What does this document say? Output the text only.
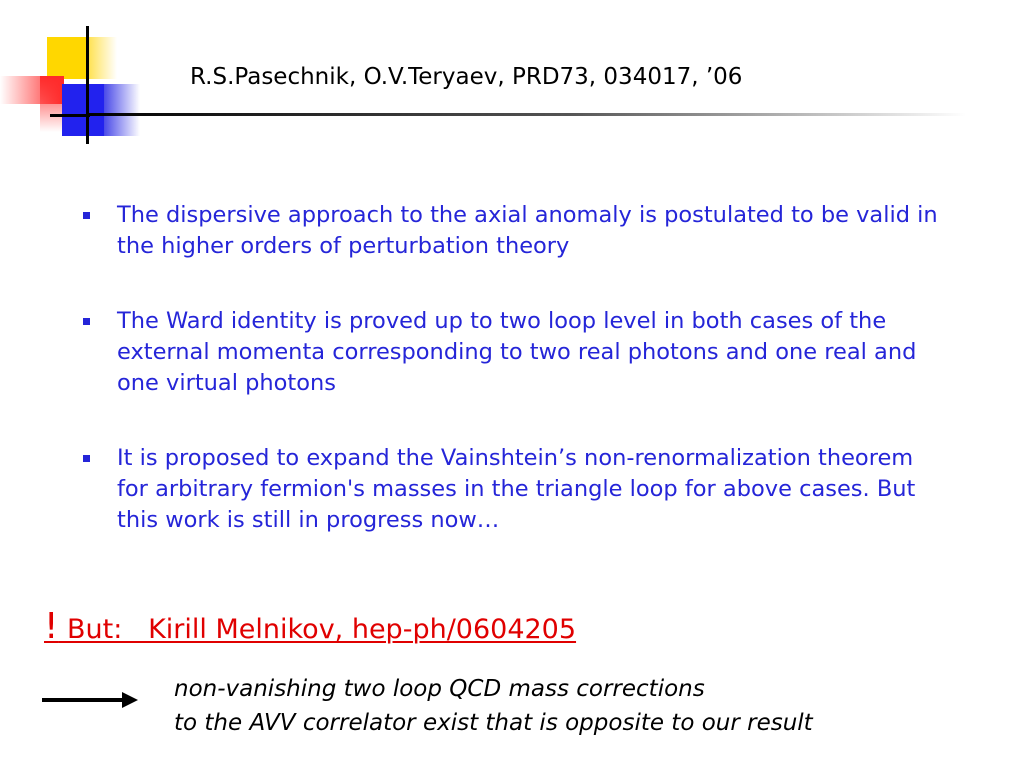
R.S.Pasechnik, O.V.Teryaev, PRD73, 034017, ’06
The dispersive approach to the axial anomaly is postulated to be valid in the higher orders of perturbation theory
The Ward identity is proved up to two loop level in both cases of the external momenta corresponding to two real photons and one real and one virtual photons
It is proposed to expand the Vainshtein’s non-renormalization theorem for arbitrary fermion's masses in the triangle loop for above cases. But this work is still in progress now…
! But:   Kirill Melnikov, hep-ph/0604205
non-vanishing two loop QCD mass corrections
to the AVV correlator exist that is opposite to our result
